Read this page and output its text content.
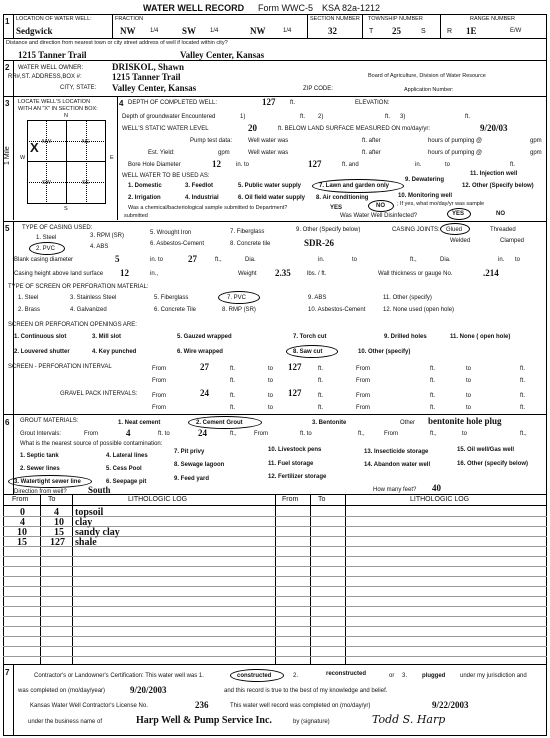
WATER WELL RECORD Form WWC-5 KSA 82a-1212
1 LOCATION OF WATER WELL:
Sedgwick
FRACTION
NW 1/4	SW 1/4	NW	1/4
SECTION NUMBER
32
TOWNSHIP NUMBER
T 25	S
RANGE NUMBER
R 1E	E/W
Distance and direction from nearest town or city street address of well if located within city?
1215 Tanner Trail	Valley Center, Kansas
2 WATER WELL OWNER:	DRISKOL, Shawn
RR#,ST. ADDRESS,BOX #:	1215 Tanner Trail
CITY, STATE: Valley Center, Kansas
Board of Agriculture, Division of Water Resource
ZIP CODE:	Application Number:
3 LOCATE WELL'S LOCATION
WITH AN "X" IN SECTION BOX:
N
S
W	E
1 Mile
NW	NE
SW	SE
X
4 DEPTH OF COMPLETED WELL:	127 ft.	ELEVATION:
Depth of groundwater Encountered	1)	ft. 2)	ft. 3)	ft.
WELL'S STATIC WATER LEVEL	20	ft. BELOW LAND SURFACE MEASURED ON mo/day/yr:	9/20/03
Pump test data:	Well water was	ft. after	hours of pumping @	gpm
Est. Yield:	gpm	Well water was	ft. after	hours of pumping @	gpm
Bore Hole Diameter	12	in. to	127	ft. and	in.	to	ft.
WELL WATER TO BE USED AS:
1. Domestic
2. Irrigation
3. Feedlot
4. Industrial
5. Public water supply
6. Oil field water supply
7. Lawn and garden only
8. Air conditioning
9. Dewatering
10. Monitoring well
11. Injection well
12. Other (Specify below)
Was a chemical/bacteriological sample submitted to Department?
submitted
YES	NO ; If yes, what mo/day/yr was sample
Was Water Well Disinfected?	YES	NO
5 TYPE OF CASING USED:
1. Steel
2. PVC
3. RPM (SR)
4. ABS
5. Wrought Iron
6. Asbestos-Cement
7. Fiberglass
8. Concrete tile
9. Other (Specify below)
SDR-26
CASING JOINTS: Glued	Threaded
Welded	Clamped
Blank casing diameter	5	in. to	27	ft.,	Dia.	in.	to	ft.,	Dia.	in. to
Casing height above land surface 12	in.,	Weight 2.35	lbs. / ft.	Wall thickness or gauge No.	.214
TYPE OF SCREEN OR PERFORATION MATERIAL:
1. Steel
2. Brass
3. Stainless Steel
4. Galvanized
5. Fiberglass
6. Concrete Tile
7. PVC
8. RMP (SR)
9. ABS
10. Asbestos-Cement
11. Other (specify)
12. None used (open hole)
SCREEN OR PERFORATION OPENINGS ARE:
1. Continuous slot
2. Louvered shutter
3. Mill slot
4. Key punched
5. Gauzed wrapped
6. Wire wrapped
7. Torch cut
8. Saw cut
9. Drilled holes
10. Other (specify)
11. None ( open hole)
SCREEN - PERFORATION INTERVAL	From	27	ft.	to 127	ft.	From	ft.	to	ft.
From	ft.	to	ft.	From	ft.	to	ft.
GRAVEL PACK INTERVALS: From	24	ft.	to 127	ft.	From	ft.	to	ft.
From	ft.	to	ft.	From	ft.	to	ft.
6 GROUT MATERIALS:	1. Neat cement	2. Cement Grout	3. Bentonite	Other bentonite hole plug
Grout Intervals:	From	4	ft. to	24	ft.,	From	ft. to	ft.,	From	ft.,	to	ft.,
What is the nearest source of possible contamination:
1. Septic tank
2. Sewer lines
3. Watertight sewer line
4. Lateral lines
5. Cess Pool
6. Seepage pit
7. Pit privy
8. Sewage lagoon
9. Feed yard
10. Livestock pens
11. Fuel storage
12. Fertilizer storage
13. Insecticide storage
14. Abandon water well
15. Oil well/Gas well
16. Other (specify below)
Direction from well? South	How many feet? 40
From	To	LITHOLOGIC LOG	From	To	LITHOLOGIC LOG
0	4 topsoil
4	10 clay
10	15 sandy clay
15 127 shale
7	Contractor's or Landowner's Certification: This water well was 1.	constructed	2.	reconstructed	or 3. plugged under my jurisdiction and
was completed on (mo/day/year)	9/20/2003	and this record is true to the best of my knowledge and belief.
Kansas Water Well Contractor's License No.	236	This water well record was completed on (mo/day/yr)	9/22/2003
under the business name of	Harp Well & Pump Service Inc.	by (signature)	Todd S. Harp
